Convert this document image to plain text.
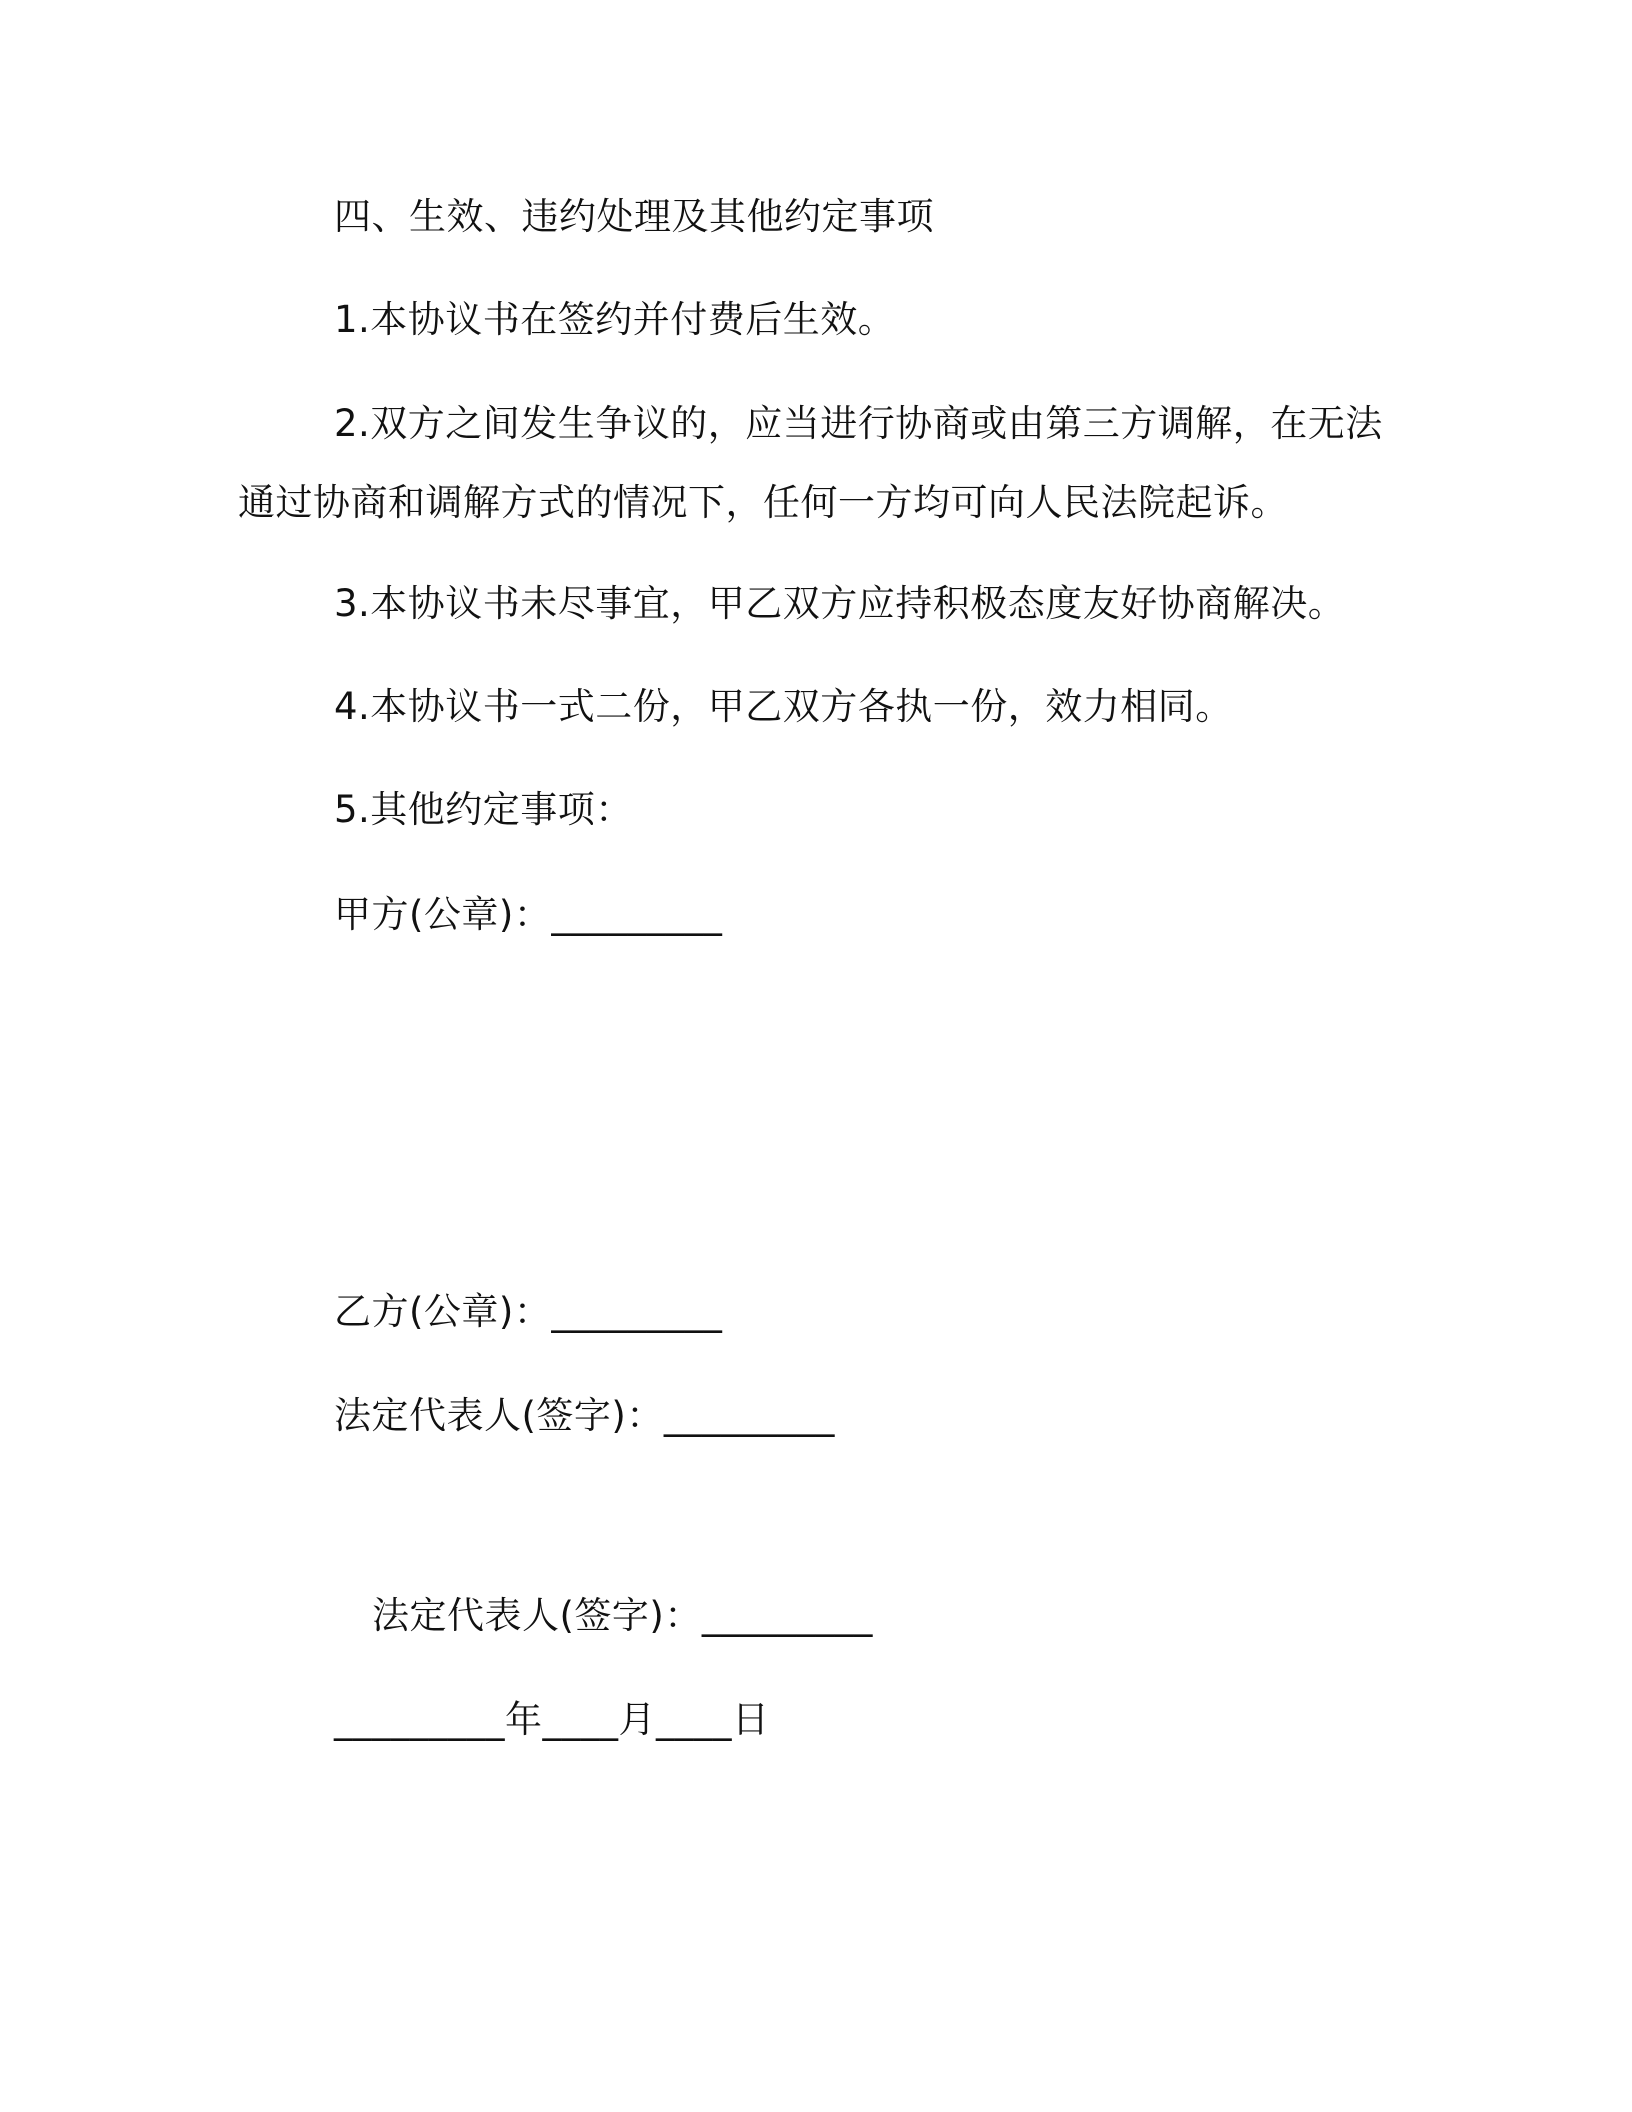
四、生效、违约处理及其他约定事项
1.本协议书在签约并付费后生效。
2.双方之间发生争议的，应当进行协商或由第三方调解，在无法
通过协商和调解方式的情况下，任何一方均可向人民法院起诉。
3.本协议书未尽事宜，甲乙双方应持积极态度友好协商解决。
4.本协议书一式二份，甲乙双方各执一份，效力相同。
5.其他约定事项：
甲方(公章)：_________
乙方(公章)：_________
法定代表人(签字)：_________
法定代表人(签字)：_________
_________年____月____日
